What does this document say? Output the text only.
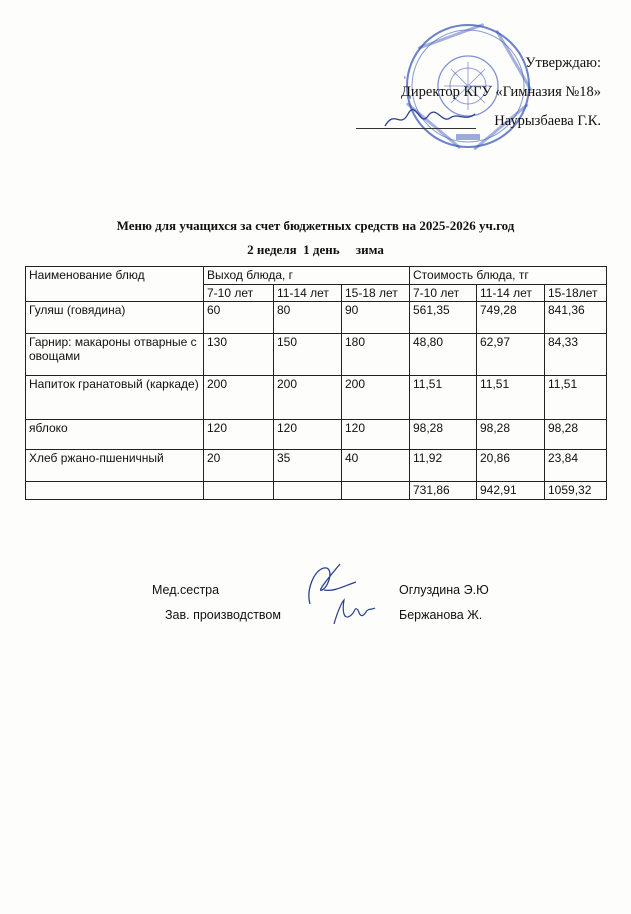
Утверждаю:
Директор КГУ «Гимназия №18»
Наурызбаева Г.К.
Меню для учащихся за счет бюджетных средств на 2025-2026 уч.год
2 неделя  1 день     зима
Наименование блюд	Выход блюда, г			Стоимость блюда, тг		
	7-10 лет	11-14 лет	15-18 лет	7-10 лет	11-14 лет	15-18лет
Гуляш (говядина)	60	80	90	561,35	749,28	841,36
Гарнир: макароны отварные с овощами	130	150	180	48,80	62,97	84,33
Напиток гранатовый (каркаде)	200	200	200	11,51	11,51	11,51
яблоко	120	120	120	98,28	98,28	98,28
Хлеб ржано-пшеничный	20	35	40	11,92	20,86	23,84
				731,86	942,91	1059,32
Мед.сестра	Оглуздина Э.Ю
Зав. производством	Бержанова Ж.
